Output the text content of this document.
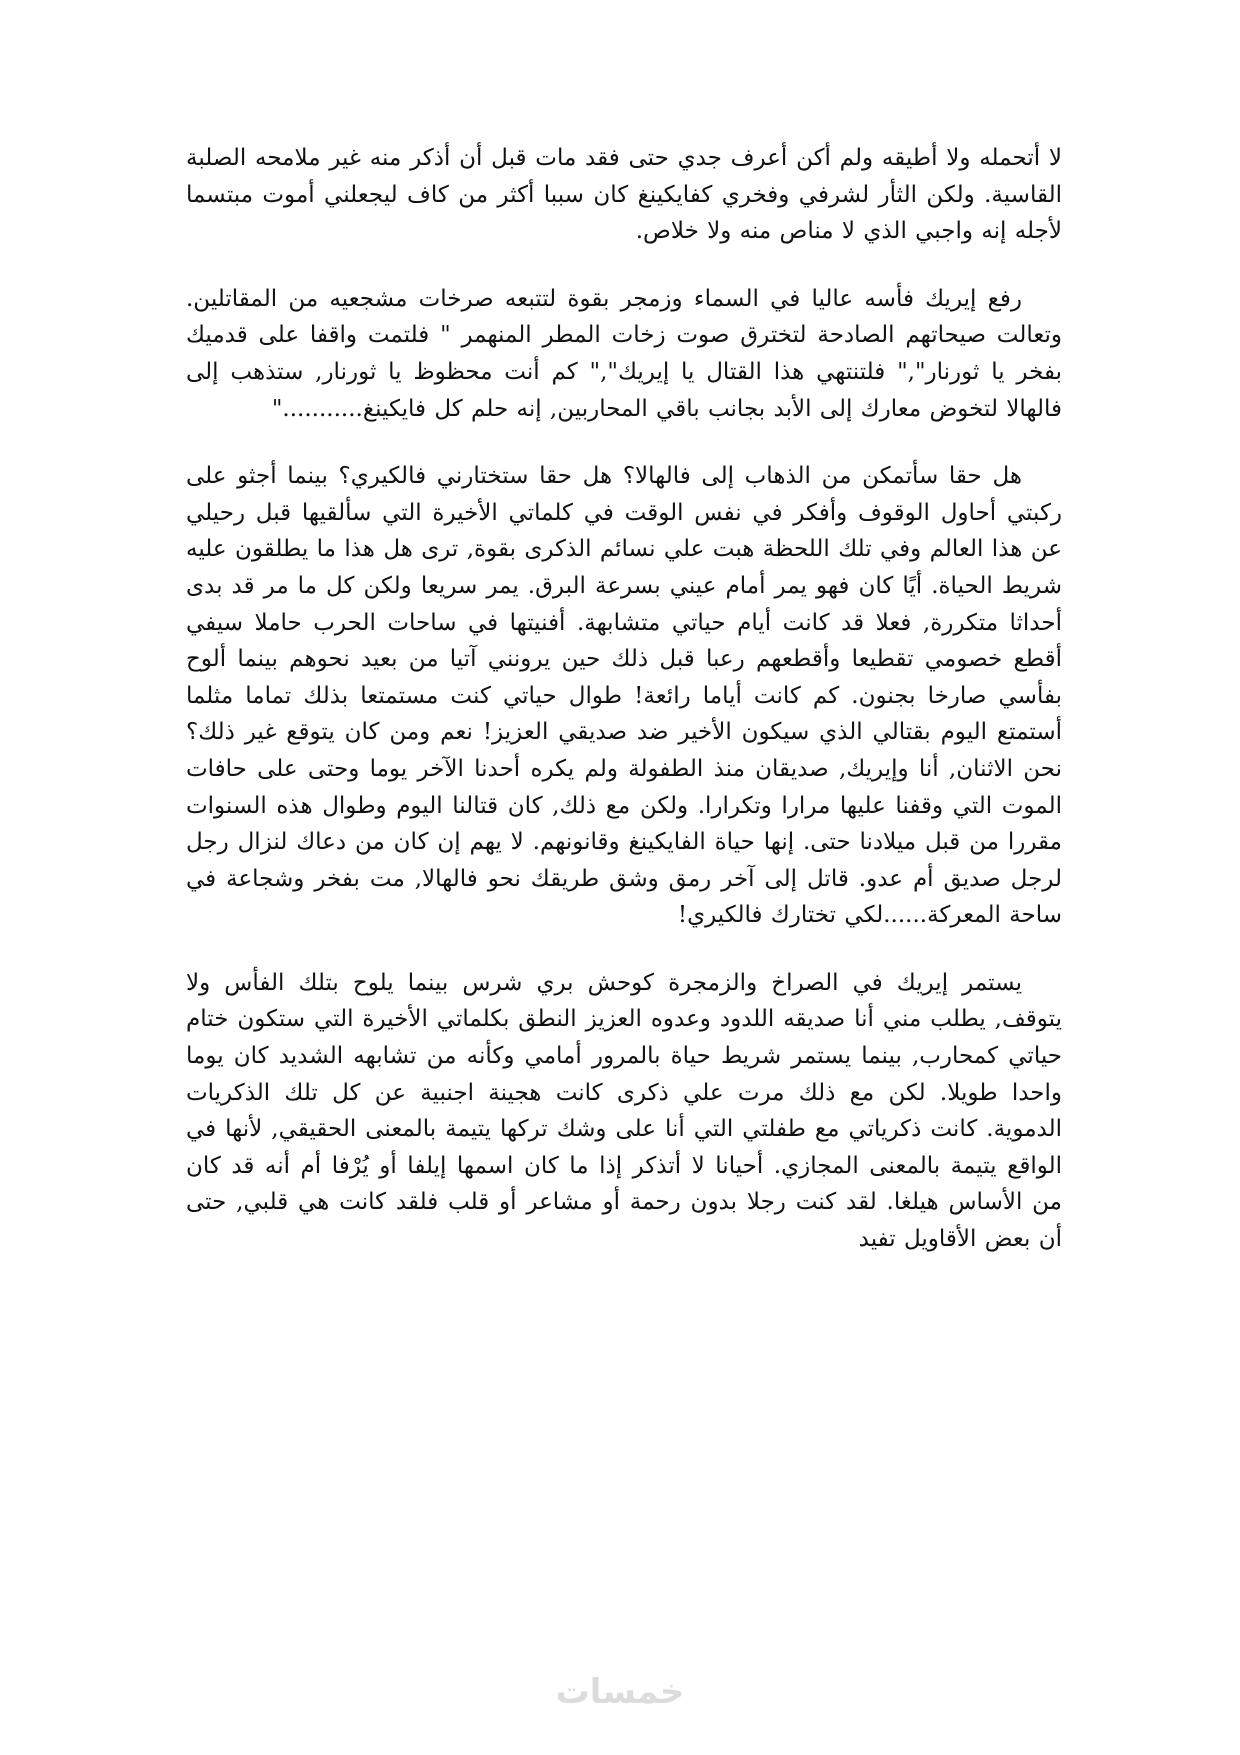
لا أتحمله ولا أطيقه ولم أكن أعرف جدي حتى فقد مات قبل أن أذكر منه غير ملامحه الصلبة القاسية. ولكن الثأر لشرفي وفخري كفايكينغ كان سببا أكثر من كاف ليجعلني أموت مبتسما لأجله إنه واجبي الذي لا مناص منه ولا خلاص.

رفع إيريك فأسه عاليا في السماء وزمجر بقوة لتتبعه صرخات مشجعيه من المقاتلين. وتعالت صيحاتهم الصادحة لتخترق صوت زخات المطر المنهمر " فلتمت واقفا على قدميك بفخر يا ثورنار"," فلتنتهي هذا القتال يا إيريك"," كم أنت محظوظ يا ثورنار, ستذهب إلى فالهالا لتخوض معارك إلى الأبد بجانب باقي المحاربين, إنه حلم كل فايكينغ..........."

هل حقا سأتمكن من الذهاب إلى فالهالا؟ هل حقا ستختارني فالكيري؟ بينما أجثو على ركبتي أحاول الوقوف وأفكر في نفس الوقت في كلماتي الأخيرة التي سألقيها قبل رحيلي عن هذا العالم وفي تلك اللحظة هبت علي نسائم الذكرى بقوة, ترى هل هذا ما يطلقون عليه شريط الحياة. أيًا كان فهو يمر أمام عيني بسرعة البرق. يمر سريعا ولكن كل ما مر قد بدى أحداثا متكررة, فعلا قد كانت أيام حياتي متشابهة. أفنيتها في ساحات الحرب حاملا سيفي أقطع خصومي تقطيعا وأقطعهم رعبا قبل ذلك حين يرونني آتيا من بعيد نحوهم بينما ألوح بفأسي صارخا بجنون. كم كانت أياما رائعة! طوال حياتي كنت مستمتعا بذلك تماما مثلما أستمتع اليوم بقتالي الذي سيكون الأخير ضد صديقي العزيز! نعم ومن كان يتوقع غير ذلك؟ نحن الاثنان, أنا وإيريك, صديقان منذ الطفولة ولم يكره أحدنا الآخر يوما وحتى على حافات الموت التي وقفنا عليها مرارا وتكرارا. ولكن مع ذلك, كان قتالنا اليوم وطوال هذه السنوات مقررا من قبل ميلادنا حتى. إنها حياة الفايكينغ وقانونهم. لا يهم إن كان من دعاك لنزال رجل لرجل صديق أم عدو. قاتل إلى آخر رمق وشق طريقك نحو فالهالا, مت بفخر وشجاعة في ساحة المعركة......لكي تختارك فالكيري!

يستمر إيريك في الصراخ والزمجرة كوحش بري شرس بينما يلوح بتلك الفأس ولا يتوقف, يطلب مني أنا صديقه اللدود وعدوه العزيز النطق بكلماتي الأخيرة التي ستكون ختام حياتي كمحارب, بينما يستمر شريط حياة بالمرور أمامي وكأنه من تشابهه الشديد كان يوما واحدا طويلا. لكن مع ذلك مرت علي ذكرى كانت هجينة اجنبية عن كل تلك الذكريات الدموية. كانت ذكرياتي مع طفلتي التي أنا على وشك تركها يتيمة بالمعنى الحقيقي, لأنها في الواقع يتيمة بالمعنى المجازي. أحيانا لا أتذكر إذا ما كان اسمها إيلفا أو يُرْفا أم أنه قد كان من الأساس هيلغا. لقد كنت رجلا بدون رحمة أو مشاعر أو قلب فلقد كانت هي قلبي, حتى أن بعض الأقاويل تفيد

خمسات
